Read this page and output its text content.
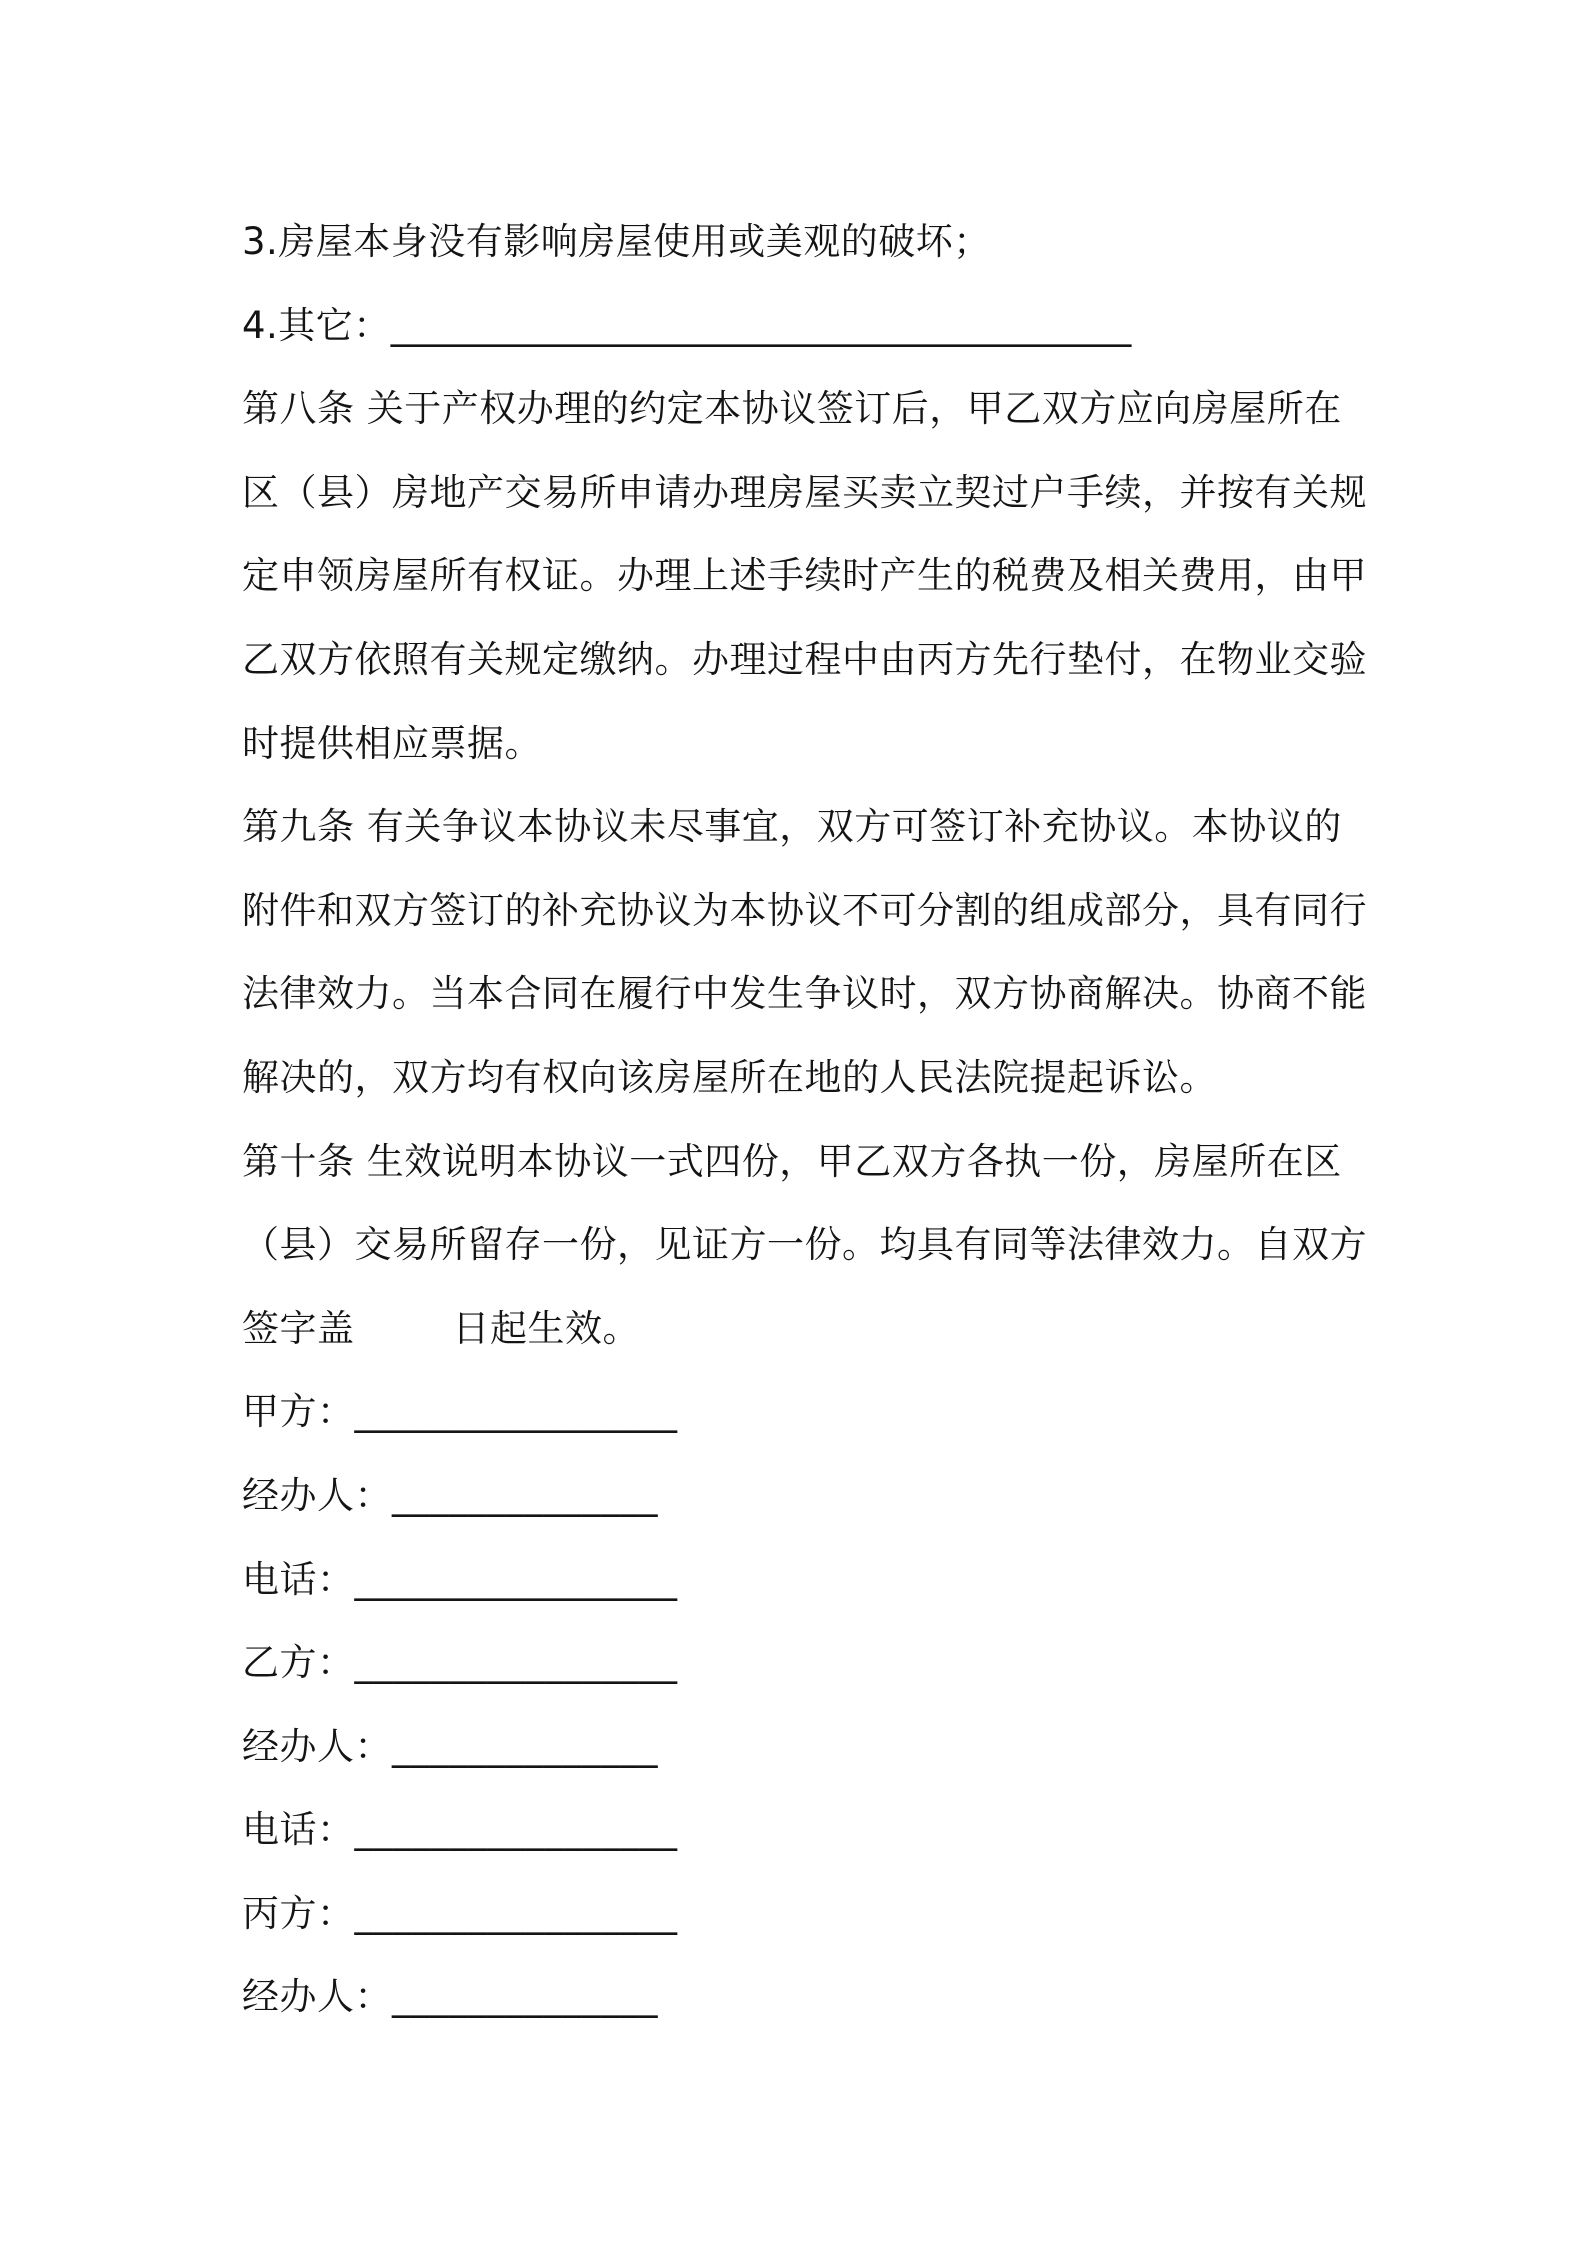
3.房屋本身没有影响房屋使用或美观的破坏；
4.其它：_______________________________________
第八条 关于产权办理的约定本协议签订后，甲乙双方应向房屋所在
区（县）房地产交易所申请办理房屋买卖立契过户手续，并按有关规
定申领房屋所有权证。办理上述手续时产生的税费及相关费用，由甲
乙双方依照有关规定缴纳。办理过程中由丙方先行垫付，在物业交验
时提供相应票据。
第九条 有关争议本协议未尽事宜，双方可签订补充协议。本协议的
附件和双方签订的补充协议为本协议不可分割的组成部分，具有同行
法律效力。当本合同在履行中发生争议时，双方协商解决。协商不能
解决的，双方均有权向该房屋所在地的人民法院提起诉讼。
第十条 生效说明本协议一式四份，甲乙双方各执一份，房屋所在区
（县）交易所留存一份，见证方一份。均具有同等法律效力。自双方
签字盖	日起生效。
甲方：_________________
经办人：______________
电话：_________________
乙方：_________________
经办人：______________
电话：_________________
丙方：_________________
经办人：______________
